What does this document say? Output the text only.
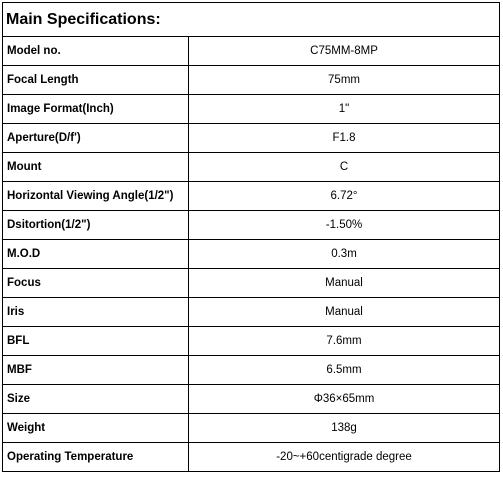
Main Specifications:	
Model no.	C75MM-8MP
Focal Length	75mm
Image Format(Inch)	1"
Aperture(D/f')	F1.8
Mount	C
Horizontal Viewing Angle(1/2")	6.72°
Dsitortion(1/2")	-1.50%
M.O.D	0.3m
Focus	Manual
Iris	Manual
BFL	7.6mm
MBF	6.5mm
Size	Φ36×65mm
Weight	138g
Operating Temperature	-20~+60centigrade degree
